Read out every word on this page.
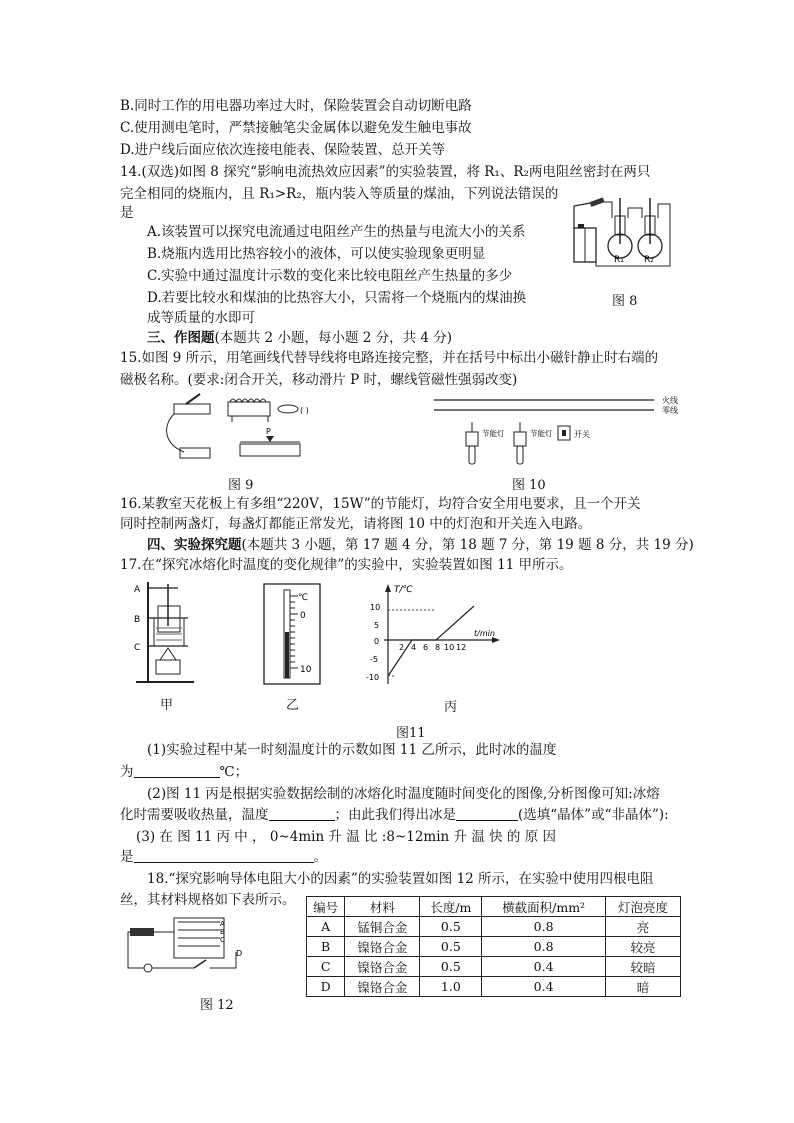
B.同时工作的用电器功率过大时，保险装置会自动切断电路
C.使用测电笔时，严禁接触笔尖金属体以避免发生触电事故
D.进户线后面应依次连接电能表、保险装置、总开关等
14.(双选)如图 8 探究“影响电流热效应因素”的实验装置，将 R₁、R₂两电阻丝密封在两只
完全相同的烧瓶内，且 R₁>R₂，瓶内装入等质量的煤油，下列说法错误的
是
A.该装置可以探究电流通过电阻丝产生的热量与电流大小的关系
B.烧瓶内选用比热容较小的液体，可以使实验现象更明显
C.实验中通过温度计示数的变化来比较电阻丝产生热量的多少
D.若要比较水和煤油的比热容大小，只需将一个烧瓶内的煤油换
成等质量的水即可
三、作图题(本题共 2 小题，每小题 2 分，共 4 分)
15.如图 9 所示，用笔画线代替导线将电路连接完整，并在括号中标出小磁针静止时右端的
磁极名称。(要求:闭合开关，移动滑片 P 时，螺线管磁性强弱改变)
16.某教室天花板上有多组“220V，15W”的节能灯，均符合安全用电要求，且一个开关
同时控制两盏灯，每盏灯都能正常发光，请将图 10 中的灯泡和开关连入电路。
四、实验探究题(本题共 3 小题，第 17 题 4 分，第 18 题 7 分，第 19 题 8 分，共 19 分)
17.在“探究冰熔化时温度的变化规律”的实验中，实验装置如图 11 甲所示。
(1)实验过程中某一时刻温度计的示数如图 11 乙所示，此时冰的温度
为	℃；
(2)图 11 丙是根据实验数据绘制的冰熔化时温度随时间变化的图像,分析图像可知:冰熔
化时需要吸收热量，温度	；由此我们得出冰是	(选填“晶体”或“非晶体”):
(3) 在 图 11 丙 中 ， 0~4min 升 温 比 :8~12min 升 温 快 的 原 因
是	。
18.“探究影响导体电阻大小的因素”的实验装置如图 12 所示，在实验中使用四根电阻
丝，其材料规格如下表所示。
R₁ R₂
图 8
( )
P
图 9
火线
零线
节能灯	节能灯	开关
图 10
A
B
C
甲
℃
0
10
乙
T/℃
t/min
10
5
0
-5
-10
2 4 6 8 10 12
丙
图11
A
B
C
D
图 12
编号	材料	长度/m	横截面积/mm²	灯泡亮度
A	锰铜合金	0.5	0.8	亮
B	镍铬合金	0.5	0.8	较亮
C	镍铬合金	0.5	0.4	较暗
D	镍铬合金	1.0	0.4	暗
